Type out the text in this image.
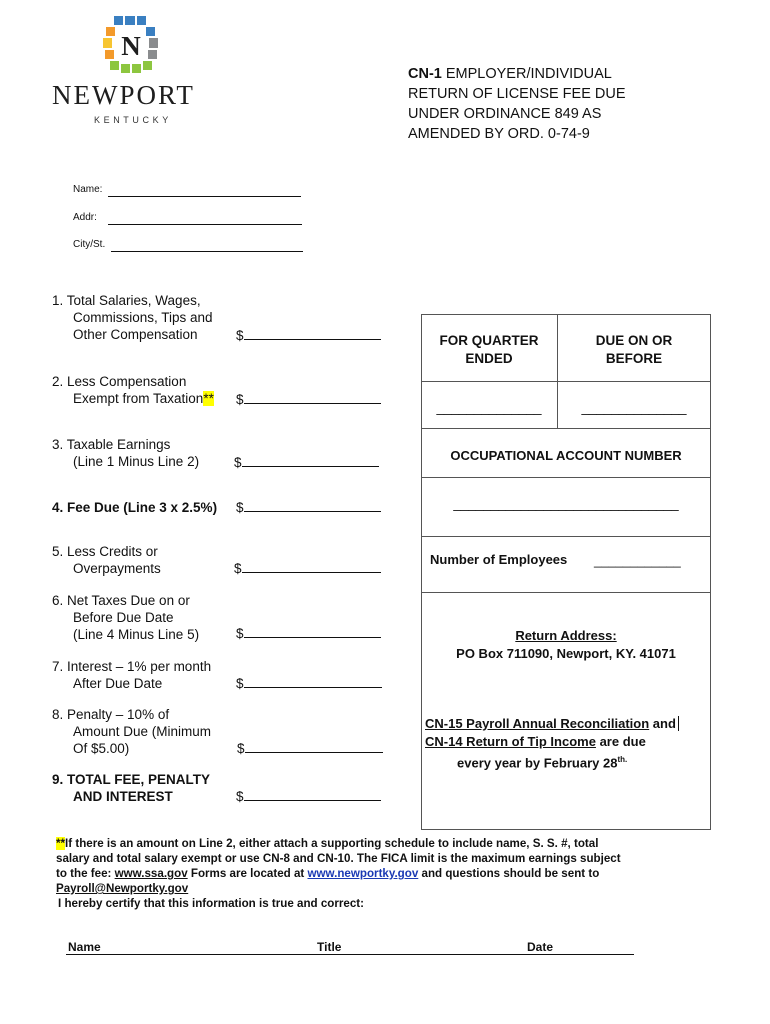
N
NEWPORT
KENTUCKY
CN-1 EMPLOYER/INDIVIDUAL
RETURN OF LICENSE FEE DUE
UNDER ORDINANCE 849 AS
AMENDED BY ORD. 0-74-9
Name:
Addr:
City/St.
1. Total Salaries, Wages,
Commissions, Tips and
Other Compensation	$
2. Less Compensation
Exempt from Taxation** $
3. Taxable Earnings
(Line 1 Minus Line 2)	$
4. Fee Due (Line 3 x 2.5%) $
5. Less Credits or
Overpayments	$
6. Net Taxes Due on or
Before Due Date
(Line 4 Minus Line 5)	$
7. Interest – 1% per month
After Due Date	$
8. Penalty – 10% of
Amount Due (Minimum
Of $5.00)	$
9. TOTAL FEE, PENALTY
AND INTEREST	$
FOR QUARTER
ENDED
DUE ON OR
BEFORE
______________	______________
OCCUPATIONAL ACCOUNT NUMBER
______________________________
Number of Employees ____________
Return Address:
PO Box 711090, Newport, KY. 41071
CN-15 Payroll Annual Reconciliation and
CN-14 Return of Tip Income are due
every year by February $28^{th.}$
**If there is an amount on Line 2, either attach a supporting schedule to include name, S. S. #, total
salary and total salary exempt or use CN-8 and CN-10. The FICA limit is the maximum earnings subject
to the fee: www.ssa.gov Forms are located at www.newportky.gov and questions should be sent to
Payroll@Newportky.gov
I hereby certify that this information is true and correct:
Name	Title	Date
